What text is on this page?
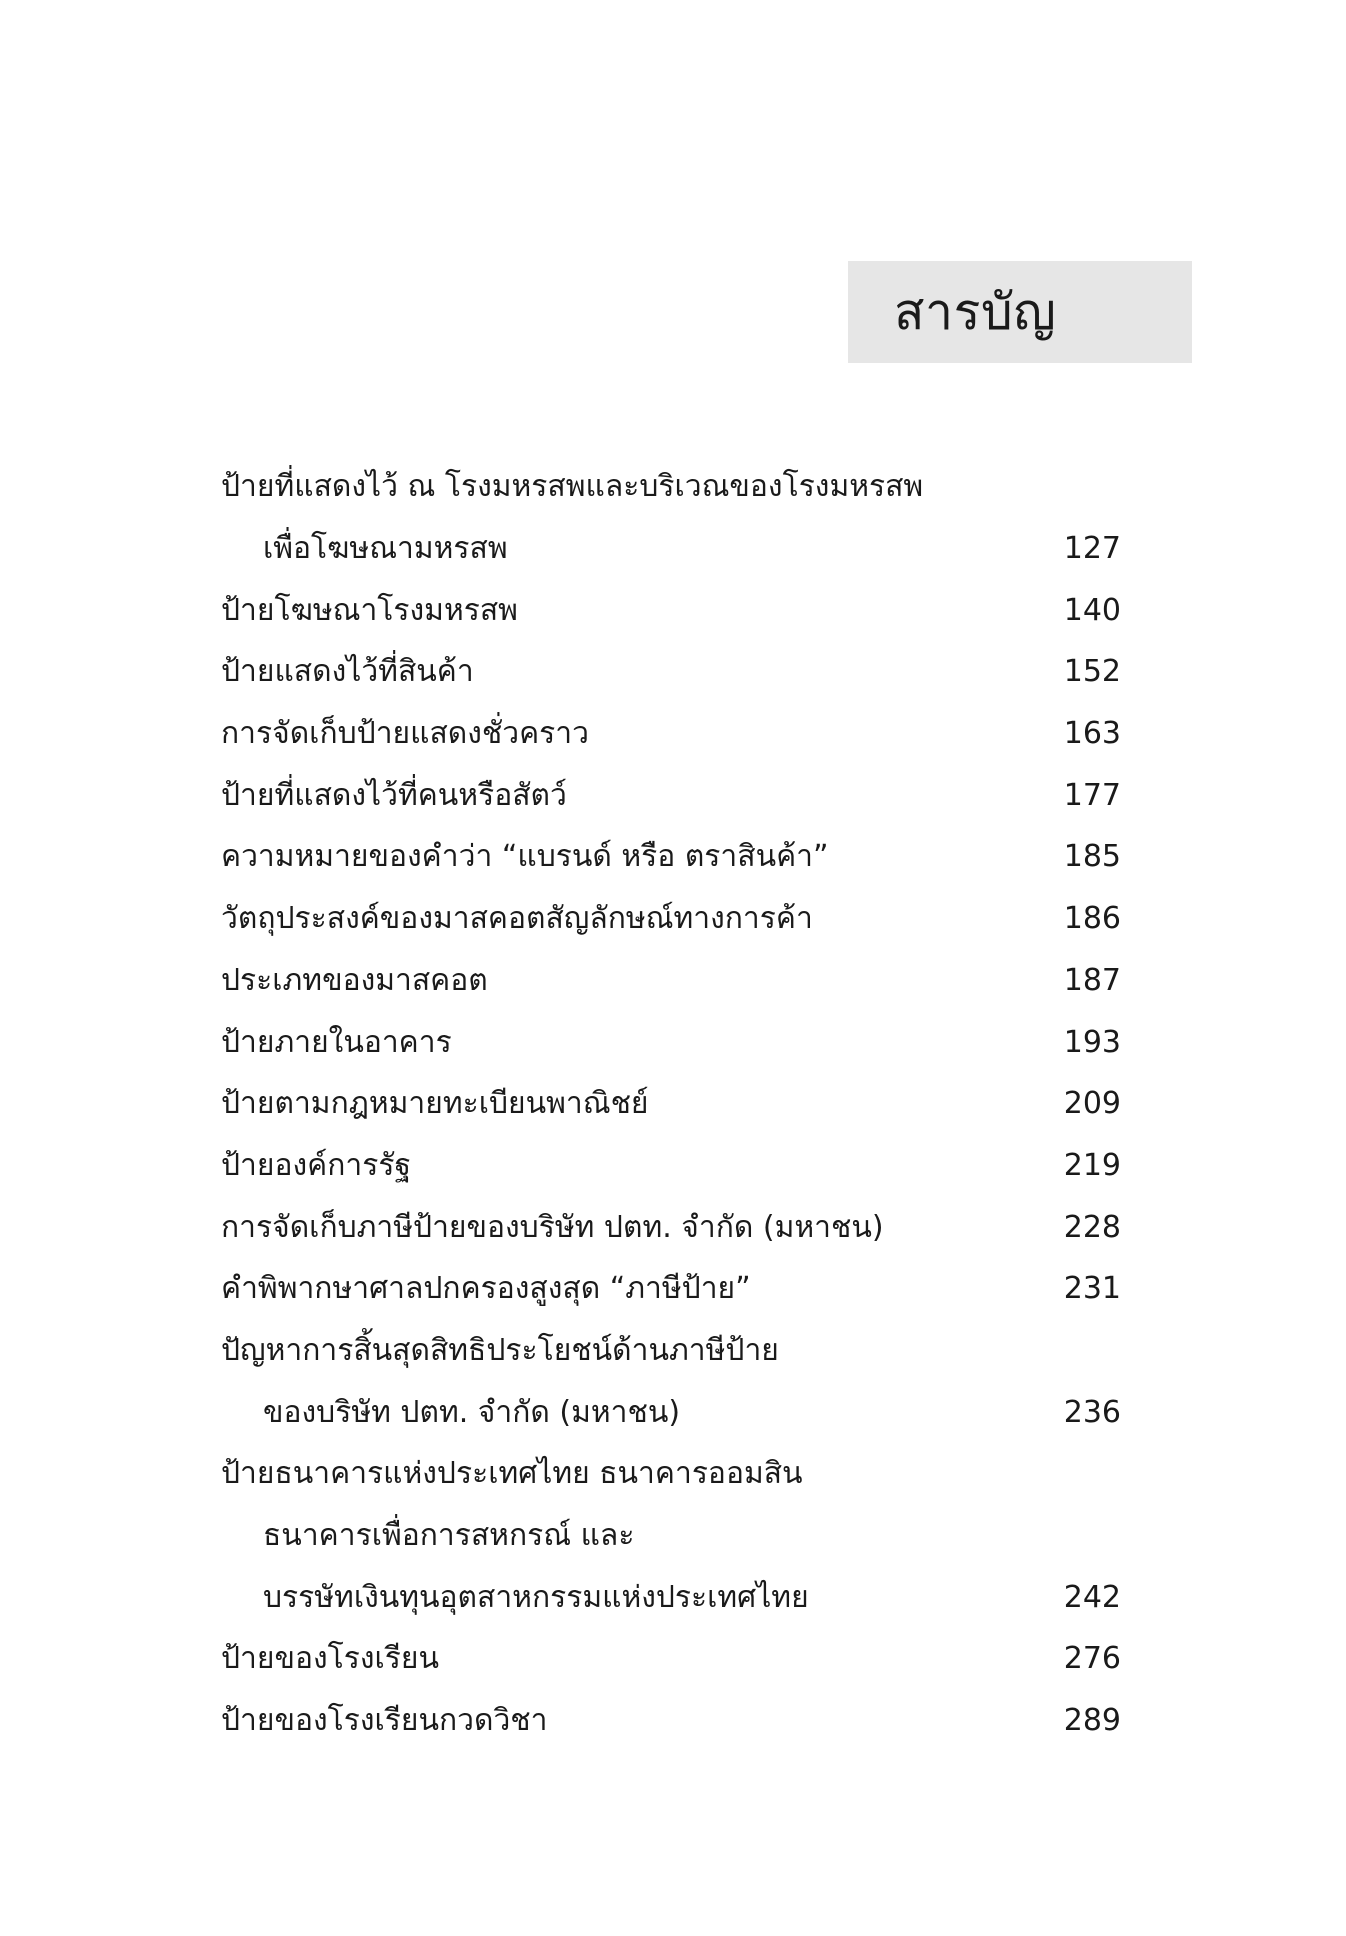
สารบัญ
ป้ายที่แสดงไว้ ณ โรงมหรสพและบริเวณของโรงมหรสพ
เพื่อโฆษณามหรสพ	127
ป้ายโฆษณาโรงมหรสพ	140
ป้ายแสดงไว้ที่สินค้า	152
การจัดเก็บป้ายแสดงชั่วคราว	163
ป้ายที่แสดงไว้ที่คนหรือสัตว์	177
ความหมายของคำว่า “แบรนด์ หรือ ตราสินค้า”	185
วัตถุประสงค์ของมาสคอตสัญลักษณ์ทางการค้า	186
ประเภทของมาสคอต	187
ป้ายภายในอาคาร	193
ป้ายตามกฎหมายทะเบียนพาณิชย์	209
ป้ายองค์การรัฐ	219
การจัดเก็บภาษีป้ายของบริษัท ปตท. จำกัด (มหาชน)	228
คำพิพากษาศาลปกครองสูงสุด “ภาษีป้าย”	231
ปัญหาการสิ้นสุดสิทธิประโยชน์ด้านภาษีป้าย
ของบริษัท ปตท. จำกัด (มหาชน)	236
ป้ายธนาคารแห่งประเทศไทย ธนาคารออมสิน
ธนาคารเพื่อการสหกรณ์ และ
บรรษัทเงินทุนอุตสาหกรรมแห่งประเทศไทย	242
ป้ายของโรงเรียน	276
ป้ายของโรงเรียนกวดวิชา	289
